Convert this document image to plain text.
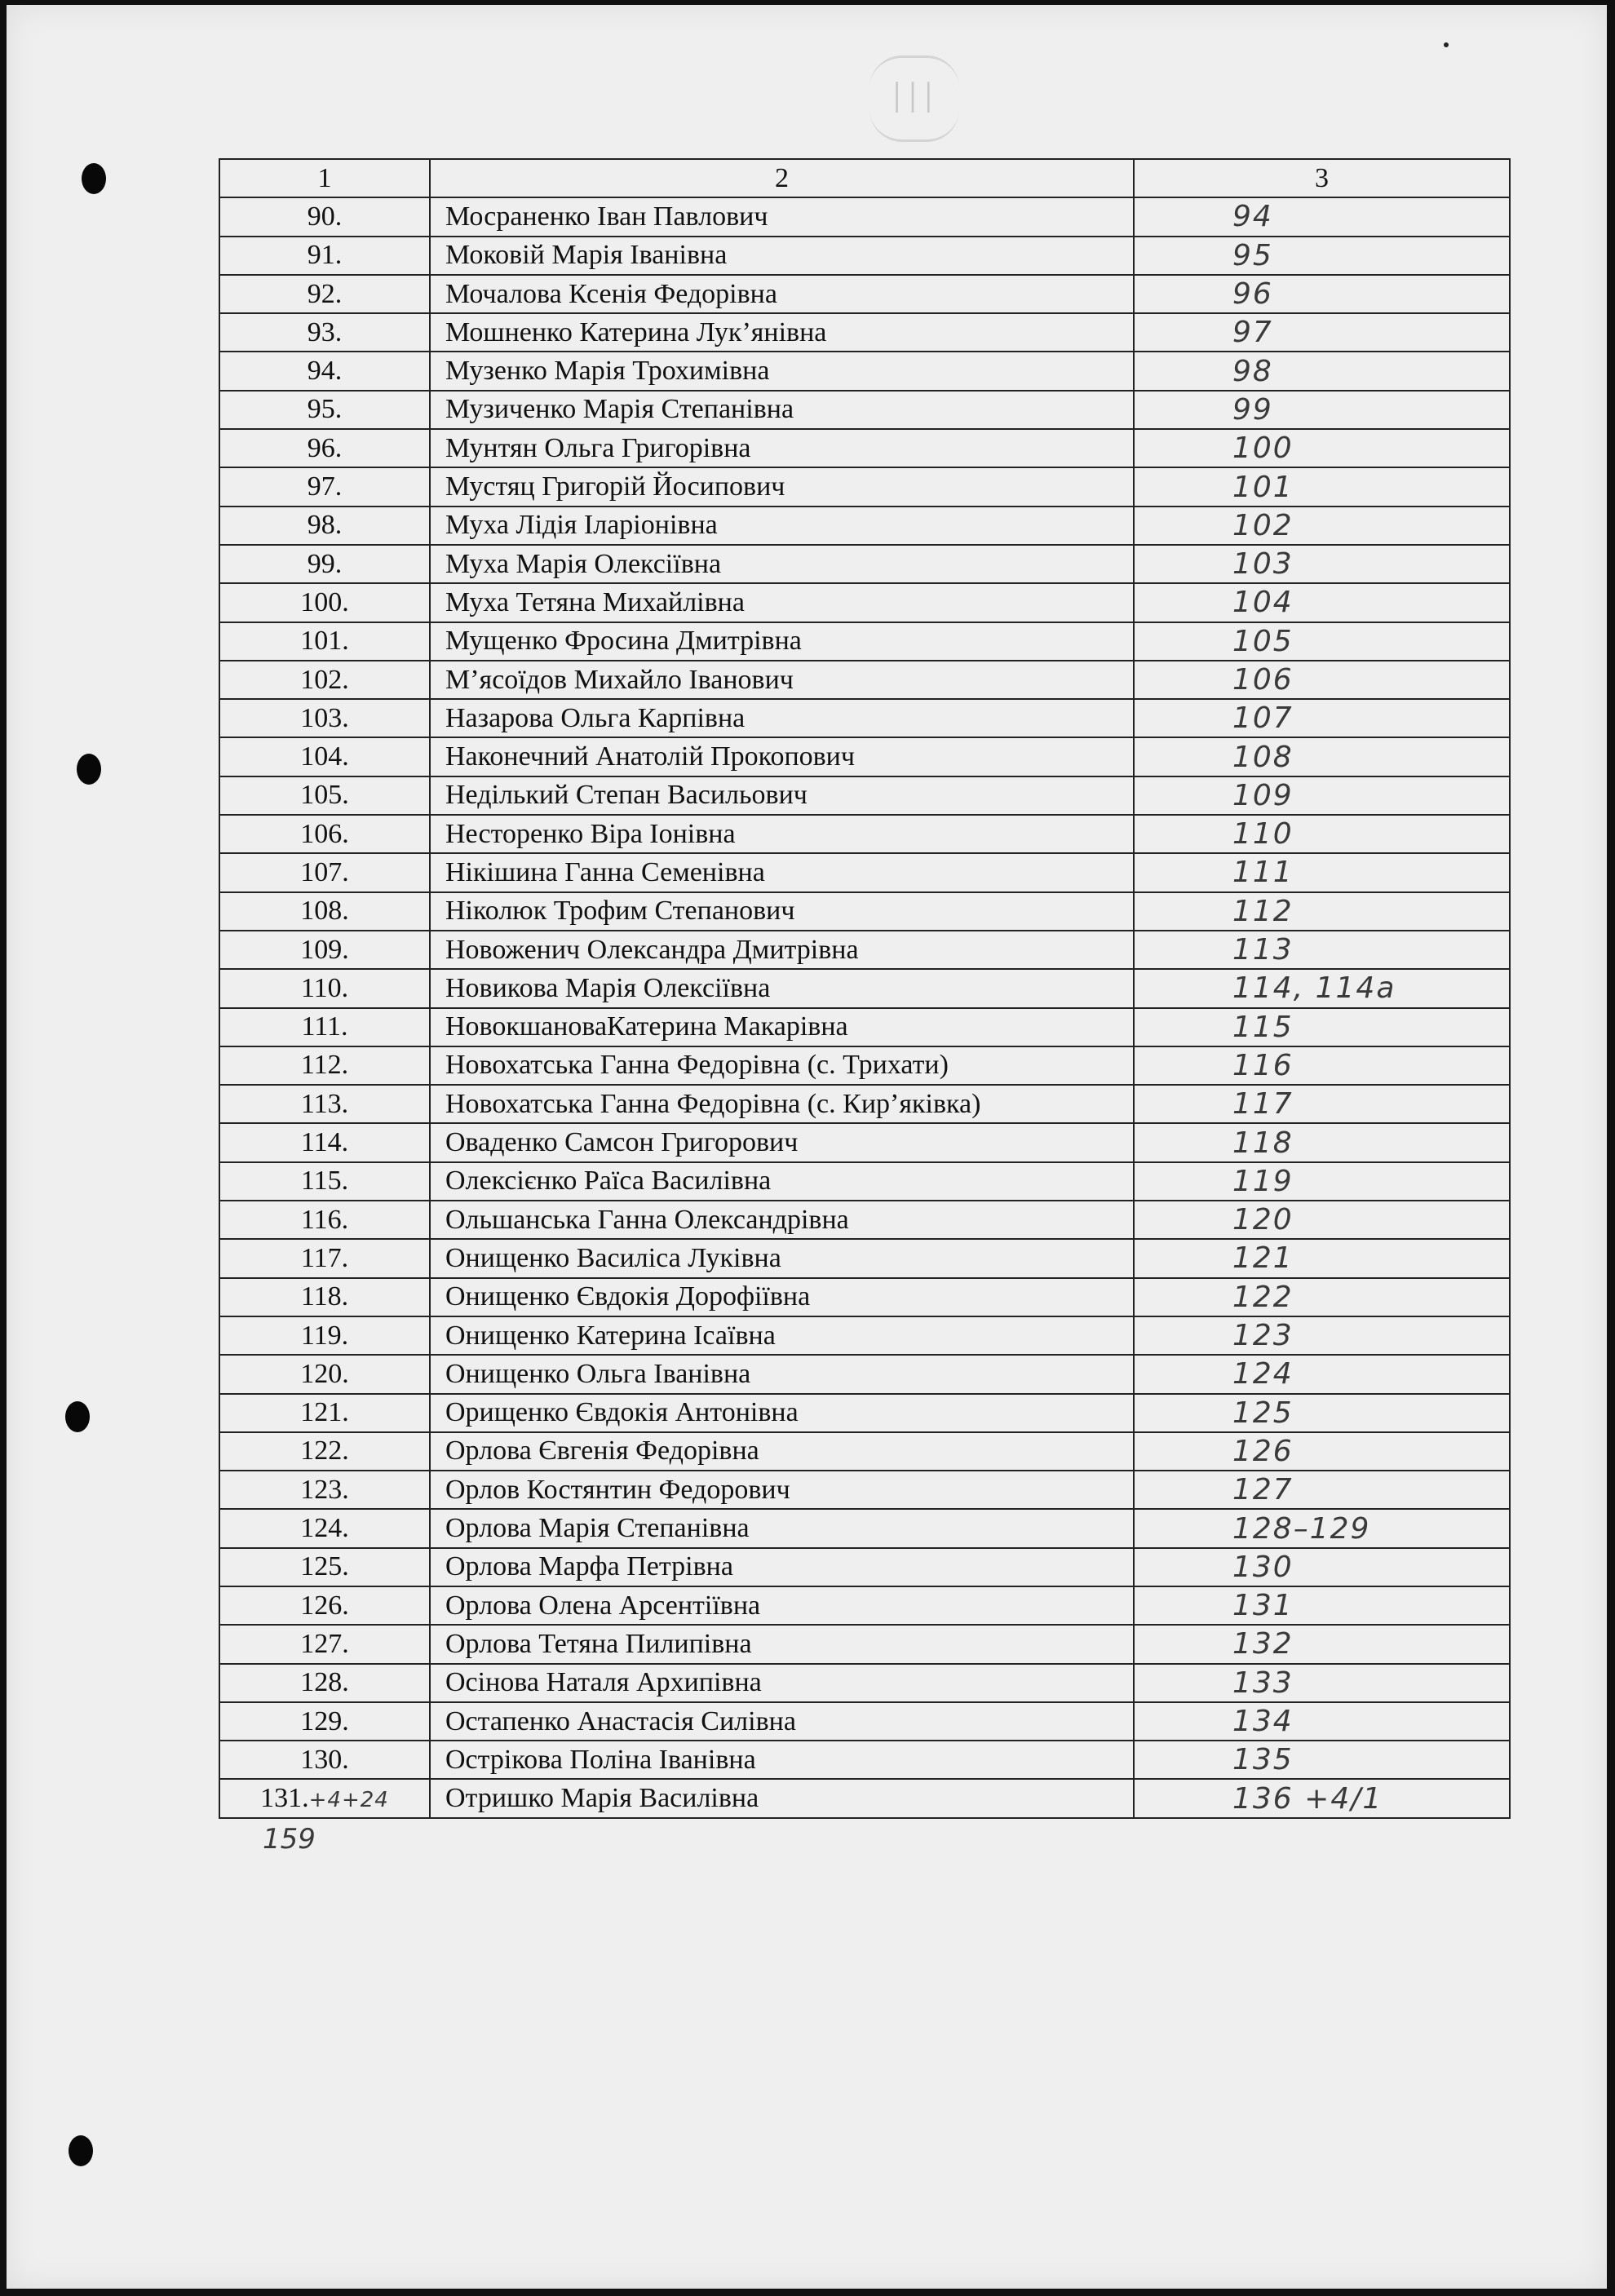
III
1	2	3
90.	Мосpаненко Іван Павлович	94
91.	Моковій Марія Іванівна	95
92.	Мочалова Ксенія Федорівна	96
93.	Мошненко Катерина Лук’янівна	97
94.	Музенко Марія Трохимівна	98
95.	Музиченко Марія Степанівна	99
96.	Мунтян Ольга Григорівна	100
97.	Мустяц Григорій Йосипович	101
98.	Муха Лідія Іларіонівна	102
99.	Муха Марія Олексіївна	103
100.	Муха Тетяна Михайлівна	104
101.	Мущенко Фросина Дмитрівна	105
102.	М’ясоїдов Михайло Іванович	106
103.	Назарова Ольга Карпівна	107
104.	Наконечний Анатолій Прокопович	108
105.	Неділький Степан Васильович	109
106.	Несторенко Віра Іонівна	110
107.	Нікішина Ганна Семенівна	111
108.	Ніколюк Трофим Степанович	112
109.	Новоженич Олександра Дмитрівна	113
110.	Новикова Марія Олексіївна	114, 114а
111.	НовокшановаКатерина Макарівна	115
112.	Новохатська Ганна Федорівна (с. Трихати)	116
113.	Новохатська Ганна Федорівна (с. Кир’яківка)	117
114.	Оваденко Самсон Григорович	118
115.	Олексієнко Раїса Василівна	119
116.	Ольшанська Ганна Олександрівна	120
117.	Онищенко Василіса Луківна	121
118.	Онищенко Євдокія Дорофіївна	122
119.	Онищенко Катерина Ісаївна	123
120.	Онищенко Ольга Іванівна	124
121.	Орищенко Євдокія Антонівна	125
122.	Орлова Євгенія Федорівна	126
123.	Орлов Костянтин Федорович	127
124.	Орлова Марія Степанівна	128–129
125.	Орлова Марфа Петрівна	130
126.	Орлова Олена Арсентіївна	131
127.	Орлова Тетяна Пилипівна	132
128.	Осінова Наталя Архипівна	133
129.	Остапенко Анастасія Силівна	134
130.	Острікова Поліна Іванівна	135
131.+4+24	Отришко Марія Василівна	136 +4/1
159
